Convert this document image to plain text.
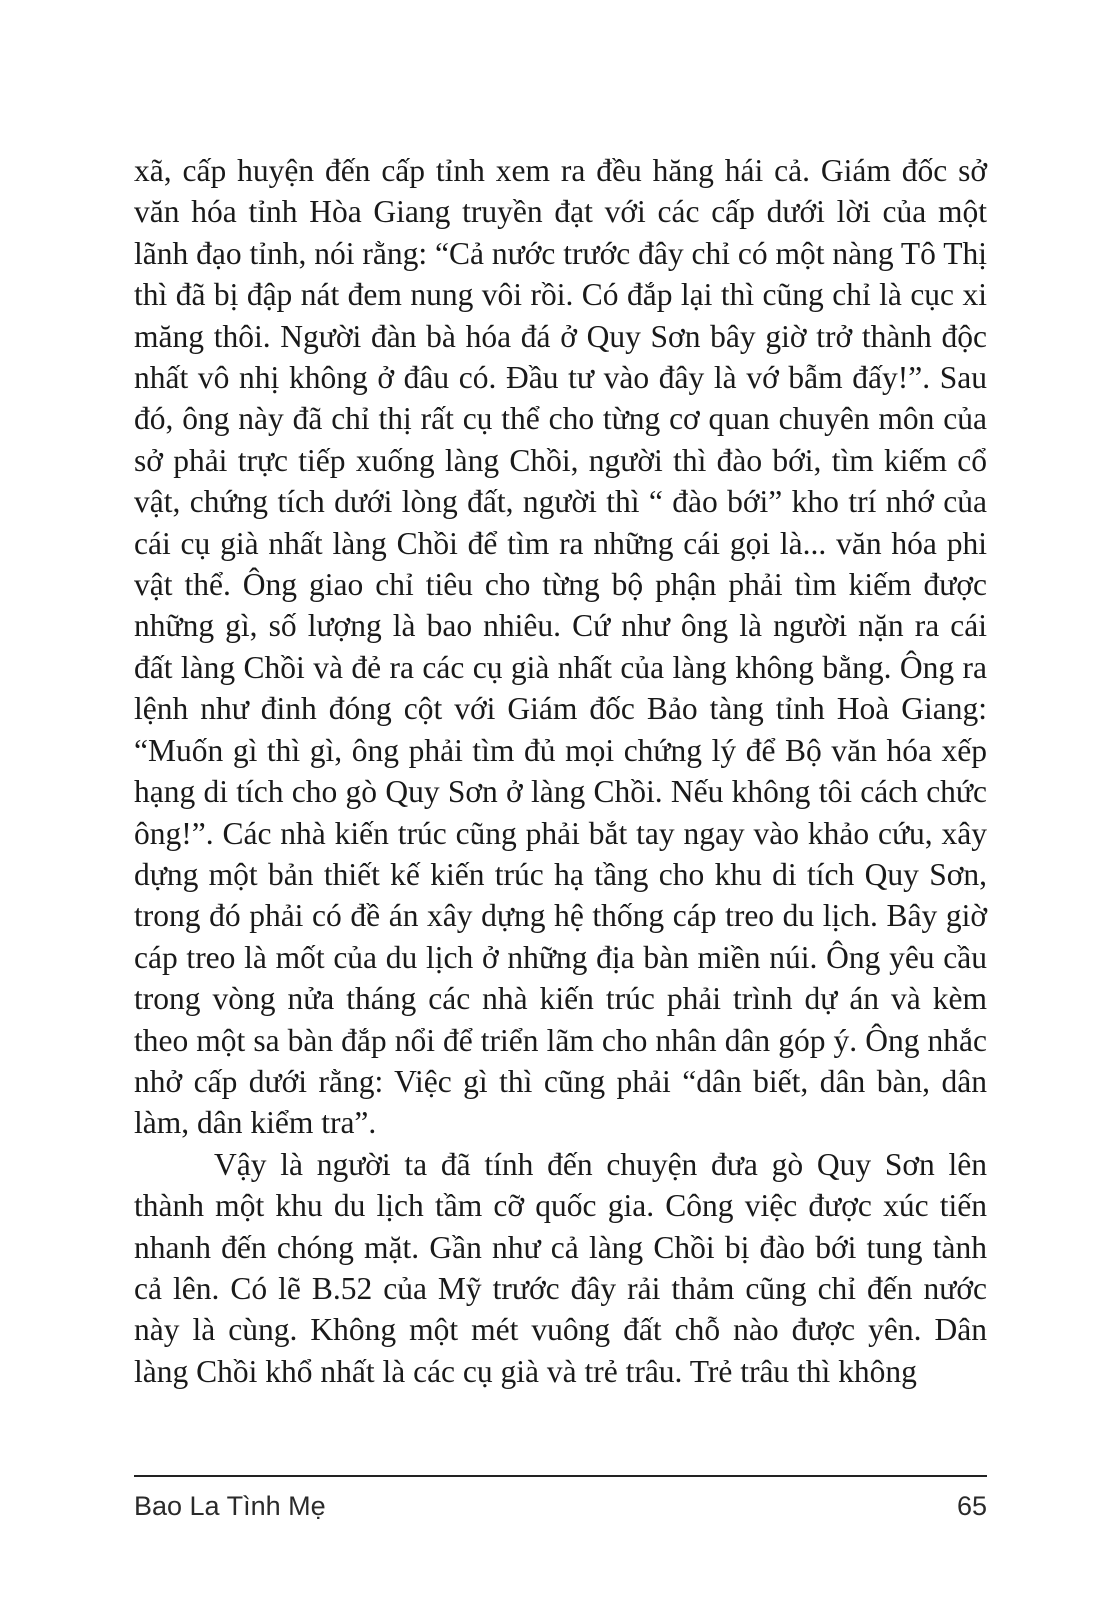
xã, cấp huyện đến cấp tỉnh xem ra đều hăng hái cả. Giám đốc sở văn hóa tỉnh Hòa Giang truyền đạt với các cấp dưới lời của một lãnh đạo tỉnh, nói rằng: “Cả nước trước đây chỉ có một nàng Tô Thị thì đã bị đập nát đem nung vôi rồi. Có đắp lại thì cũng chỉ là cục xi măng thôi. Người đàn bà hóa đá ở Quy Sơn bây giờ trở thành độc nhất vô nhị không ở đâu có. Đầu tư vào đây là vớ bẫm đấy!”. Sau đó, ông này đã chỉ thị rất cụ thể cho từng cơ quan chuyên môn của sở phải trực tiếp xuống làng Chồi, người thì đào bới, tìm kiếm cổ vật, chứng tích dưới lòng đất, người thì “ đào bới” kho trí nhớ của cái cụ già nhất làng Chồi để tìm ra những cái gọi là... văn hóa phi vật thể. Ông giao chỉ tiêu cho từng bộ phận phải tìm kiếm được những gì, số lượng là bao nhiêu. Cứ như ông là người nặn ra cái đất làng Chồi và đẻ ra các cụ già nhất của làng không bằng. Ông ra lệnh như đinh đóng cột với Giám đốc Bảo tàng tỉnh Hoà Giang: “Muốn gì thì gì, ông phải tìm đủ mọi chứng lý để Bộ văn hóa xếp hạng di tích cho gò Quy Sơn ở làng Chồi. Nếu không tôi cách chức ông!”. Các nhà kiến trúc cũng phải bắt tay ngay vào khảo cứu, xây dựng một bản thiết kế kiến trúc hạ tầng cho khu di tích Quy Sơn, trong đó phải có đề án xây dựng hệ thống cáp treo du lịch. Bây giờ cáp treo là mốt của du lịch ở những địa bàn miền núi. Ông yêu cầu trong vòng nửa tháng các nhà kiến trúc phải trình dự án và kèm theo một sa bàn đắp nổi để triển lãm cho nhân dân góp ý. Ông nhắc nhở cấp dưới rằng: Việc gì thì cũng phải “dân biết, dân bàn, dân làm, dân kiểm tra”.

Vậy là người ta đã tính đến chuyện đưa gò Quy Sơn lên thành một khu du lịch tầm cỡ quốc gia. Công việc được xúc tiến nhanh đến chóng mặt. Gần như cả làng Chồi bị đào bới tung tành cả lên. Có lẽ B.52 của Mỹ trước đây rải thảm cũng chỉ đến nước này là cùng. Không một mét vuông đất chỗ nào được yên. Dân làng Chồi khổ nhất là các cụ già và trẻ trâu. Trẻ trâu thì không

Bao La Tình Mẹ	65
